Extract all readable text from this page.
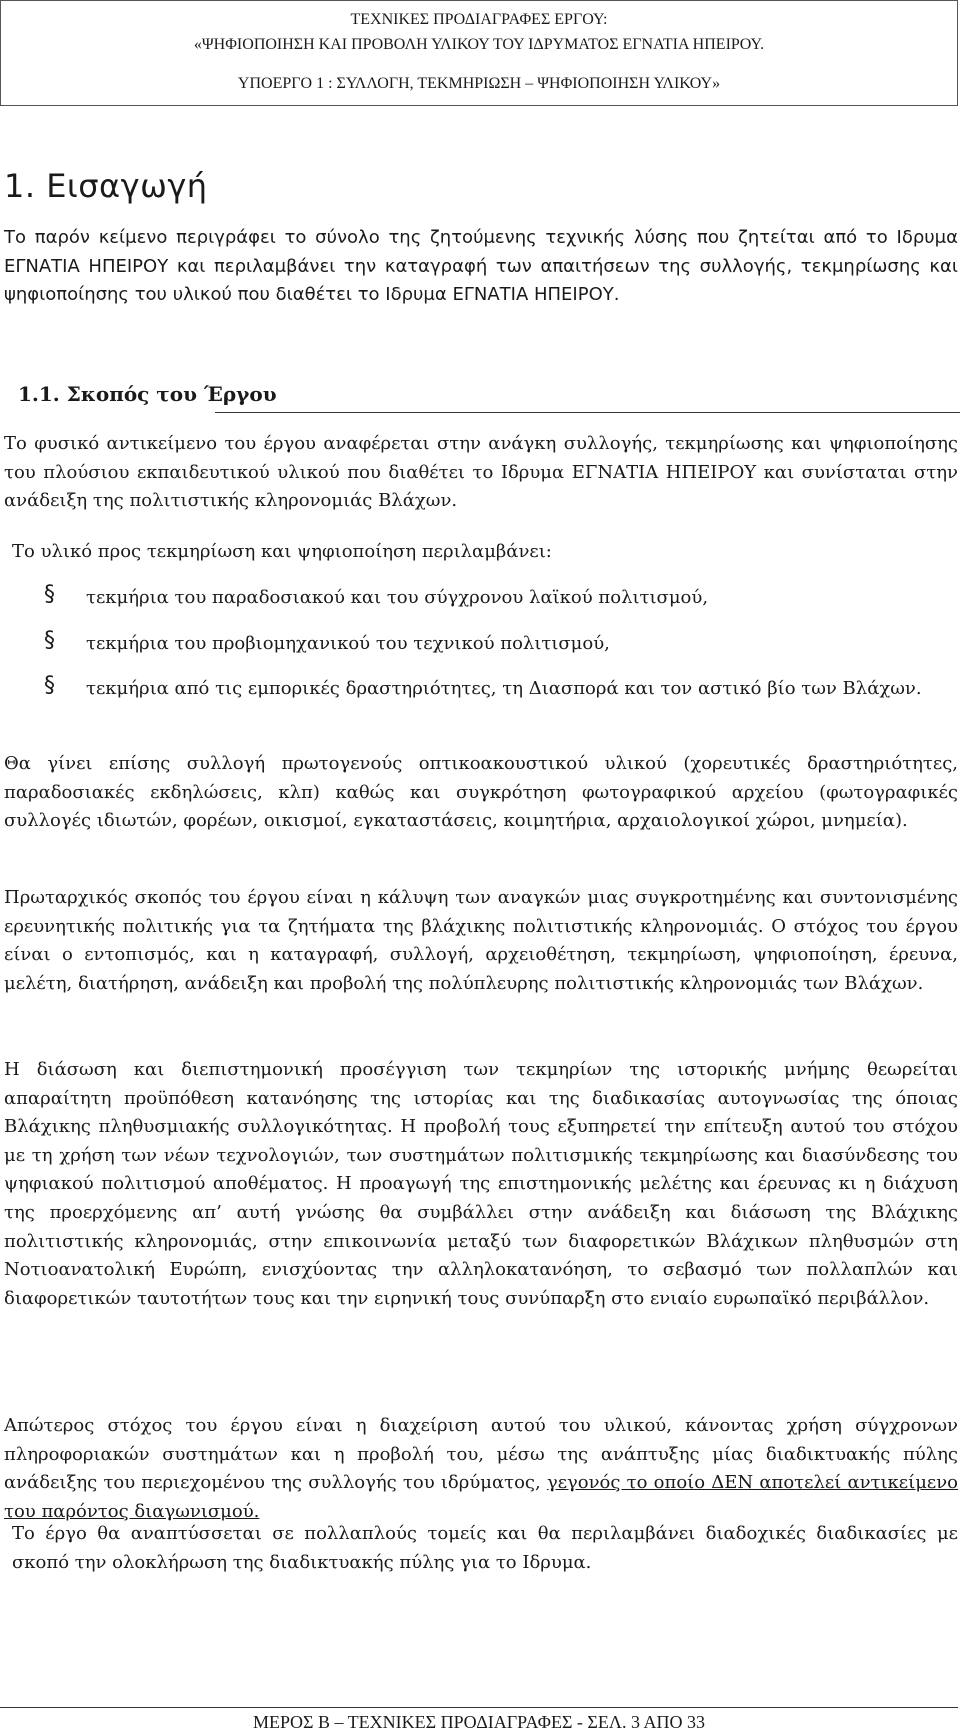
ΤΕΧΝΙΚΕΣ ΠΡΟΔΙΑΓΡΑΦΕΣ ΕΡΓΟΥ:
«ΨΗΦΙΟΠΟΙΗΣΗ ΚΑΙ ΠΡΟΒΟΛΗ ΥΛΙΚΟΥ ΤΟΥ ΙΔΡΥΜΑΤΟΣ ΕΓΝΑΤΙΑ ΗΠΕΙΡΟΥ.
ΥΠΟΕΡΓΟ 1 : ΣΥΛΛΟΓΗ, ΤΕΚΜΗΡΙΩΣΗ – ΨΗΦΙΟΠΟΙΗΣΗ ΥΛΙΚΟΥ»
1. Εισαγωγή

Το παρόν κείμενο περιγράφει το σύνολο της ζητούμενης τεχνικής λύσης που ζητείται από το Ιδρυμα ΕΓΝΑΤΙΑ ΗΠΕΙΡΟΥ και περιλαμβάνει την καταγραφή των απαιτήσεων της συλλογής, τεκμηρίωσης και ψηφιοποίησης του υλικού που διαθέτει το Ιδρυμα ΕΓΝΑΤΙΑ ΗΠΕΙΡΟΥ.

1.1. Σκοπός του Έργου

Το φυσικό αντικείμενο του έργου αναφέρεται στην ανάγκη συλλογής, τεκμηρίωσης και ψηφιοποίησης του πλούσιου εκπαιδευτικού υλικού που διαθέτει το Ιδρυμα ΕΓΝΑΤΙΑ ΗΠΕΙΡΟΥ και συνίσταται στην ανάδειξη της πολιτιστικής κληρονομιάς Βλάχων.

Το υλικό προς τεκμηρίωση και ψηφιοποίηση περιλαμβάνει:

§ τεκμήρια του παραδοσιακού και του σύγχρονου λαϊκού πολιτισμού,

§ τεκμήρια του προβιομηχανικού του τεχνικού πολιτισμού,

§ τεκμήρια από τις εμπορικές δραστηριότητες, τη Διασπορά και τον αστικό βίο των Βλάχων.

Θα γίνει επίσης συλλογή πρωτογενούς οπτικοακουστικού υλικού (χορευτικές δραστηριότητες, παραδοσιακές εκδηλώσεις, κλπ) καθώς και συγκρότηση φωτογραφικού αρχείου (φωτογραφικές συλλογές ιδιωτών, φορέων, οικισμοί, εγκαταστάσεις, κοιμητήρια, αρχαιολογικοί χώροι, μνημεία).

Πρωταρχικός σκοπός του έργου είναι η κάλυψη των αναγκών μιας συγκροτημένης και συντονισμένης ερευνητικής πολιτικής για τα ζητήματα της βλάχικης πολιτιστικής κληρονομιάς. Ο στόχος του έργου είναι ο εντοπισμός, και η καταγραφή, συλλογή, αρχειοθέτηση, τεκμηρίωση, ψηφιοποίηση, έρευνα, μελέτη, διατήρηση, ανάδειξη και προβολή της πολύπλευρης πολιτιστικής κληρονομιάς των Βλάχων.

Η διάσωση και διεπιστημονική προσέγγιση των τεκμηρίων της ιστορικής μνήμης θεωρείται απαραίτητη προϋπόθεση κατανόησης της ιστορίας και της διαδικασίας αυτογνωσίας της όποιας Βλάχικης πληθυσμιακής συλλογικότητας. Η προβολή τους εξυπηρετεί την επίτευξη αυτού του στόχου με τη χρήση των νέων τεχνολογιών, των συστημάτων πολιτισμικής τεκμηρίωσης και διασύνδεσης του ψηφιακού πολιτισμού αποθέματος. Η προαγωγή της επιστημονικής μελέτης και έρευνας κι η διάχυση της προερχόμενης απ’ αυτή γνώσης θα συμβάλλει στην ανάδειξη και διάσωση της Βλάχικης πολιτιστικής κληρονομιάς, στην επικοινωνία μεταξύ των διαφορετικών Βλάχικων πληθυσμών στη Νοτιοανατολική Ευρώπη, ενισχύοντας την αλληλοκατανόηση, το σεβασμό των πολλαπλών και διαφορετικών ταυτοτήτων τους και την ειρηνική τους συνύπαρξη στο ενιαίο ευρωπαϊκό περιβάλλον.

Απώτερος στόχος του έργου είναι η διαχείριση αυτού του υλικού, κάνοντας χρήση σύγχρονων πληροφοριακών συστημάτων και η προβολή του, μέσω της ανάπτυξης μίας διαδικτυακής πύλης ανάδειξης του περιεχομένου της συλλογής του ιδρύματος, γεγονός το οποίο ΔΕΝ αποτελεί αντικείμενο του παρόντος διαγωνισμού.

Το έργο θα αναπτύσσεται σε πολλαπλούς τομείς και θα περιλαμβάνει διαδοχικές διαδικασίες με σκοπό την ολοκλήρωση της διαδικτυακής πύλης για το Ιδρυμα.

ΜΕΡΟΣ Β – ΤΕΧΝΙΚΕΣ ΠΡΟΔΙΑΓΡΑΦΕΣ - ΣΕΛ. 3 ΑΠΟ 33
